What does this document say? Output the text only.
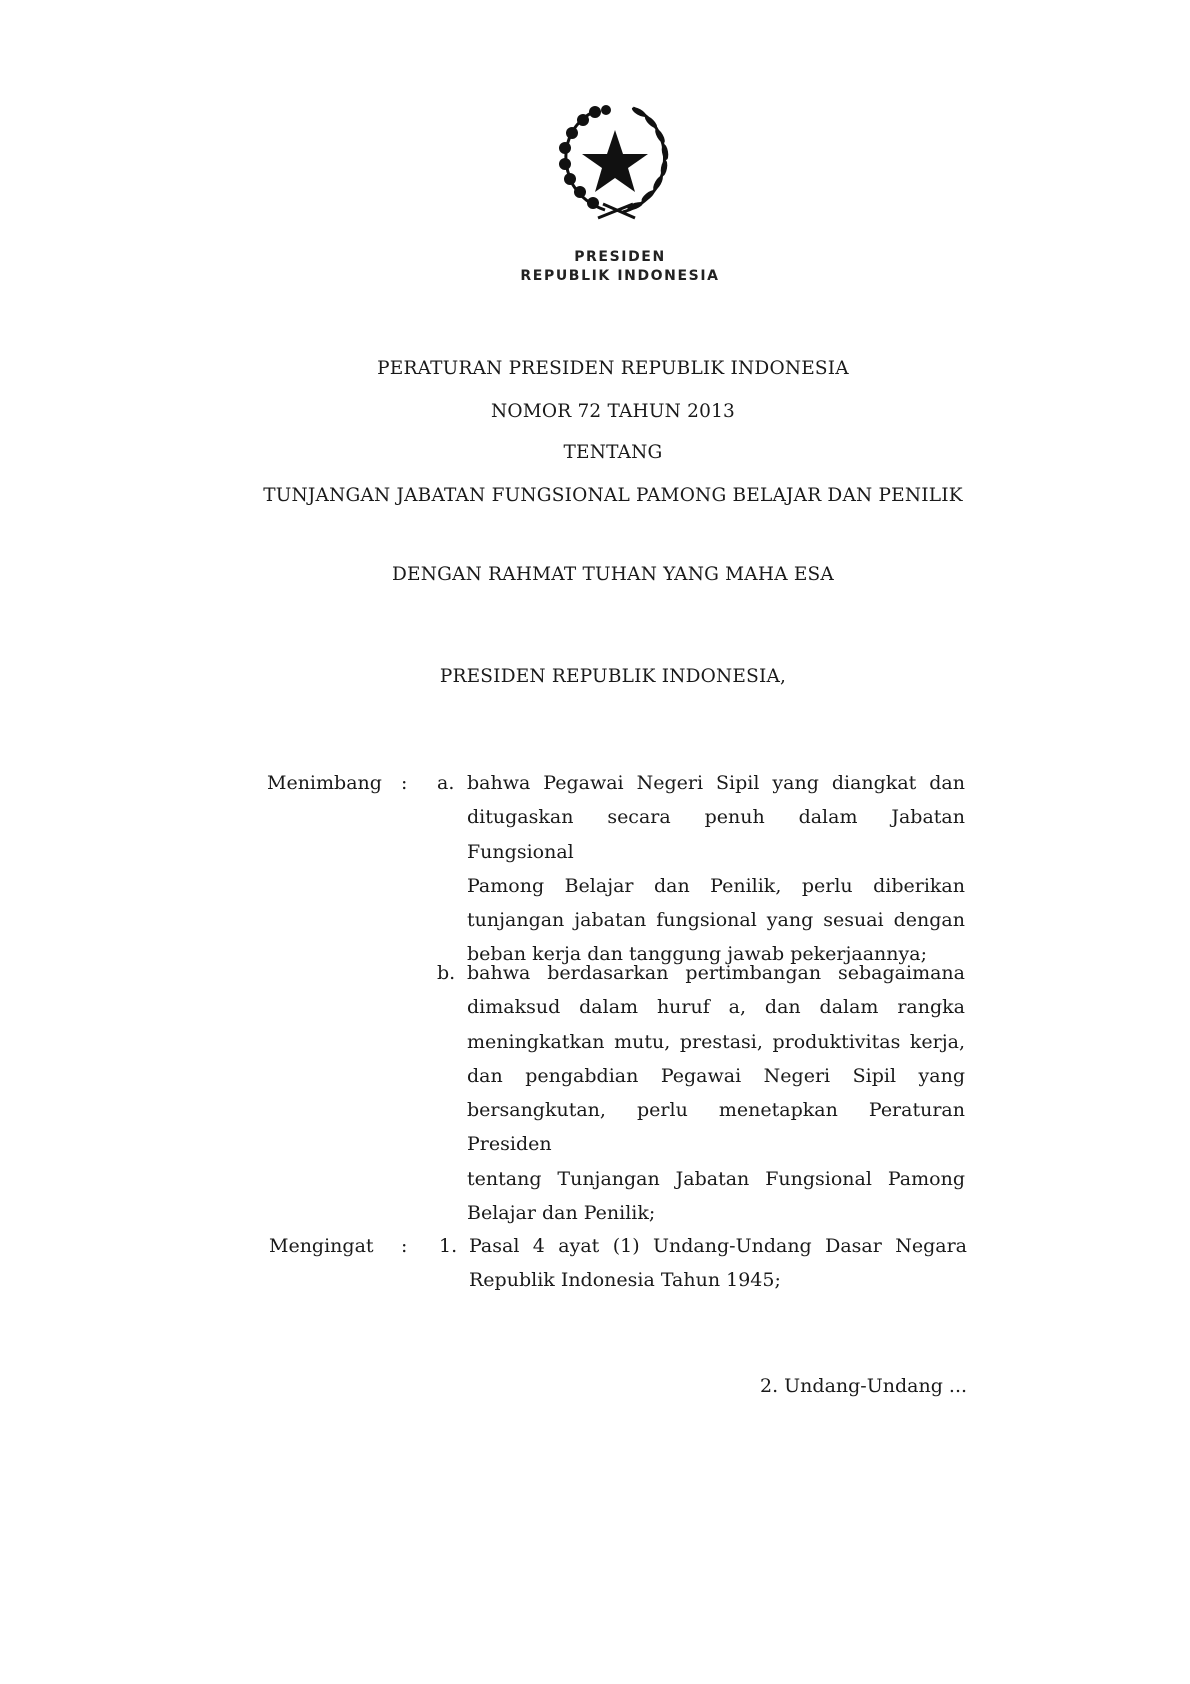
PRESIDEN
REPUBLIK INDONESIA
PERATURAN PRESIDEN REPUBLIK INDONESIA
NOMOR 72 TAHUN 2013
TENTANG
TUNJANGAN JABATAN FUNGSIONAL PAMONG BELAJAR DAN PENILIK
DENGAN RAHMAT TUHAN YANG MAHA ESA
PRESIDEN REPUBLIK INDONESIA,
Menimbang : a. bahwa Pegawai Negeri Sipil yang diangkat dan
ditugaskan secara penuh dalam Jabatan Fungsional
Pamong Belajar dan Penilik, perlu diberikan
tunjangan jabatan fungsional yang sesuai dengan
beban kerja dan tanggung jawab pekerjaannya;
b. bahwa berdasarkan pertimbangan sebagaimana
dimaksud dalam huruf a, dan dalam rangka
meningkatkan mutu, prestasi, produktivitas kerja,
dan pengabdian Pegawai Negeri Sipil yang
bersangkutan, perlu menetapkan Peraturan Presiden
tentang Tunjangan Jabatan Fungsional Pamong
Belajar dan Penilik;
Mengingat : 1. Pasal 4 ayat (1) Undang-Undang Dasar Negara
Republik Indonesia Tahun 1945;
2. Undang-Undang ...
